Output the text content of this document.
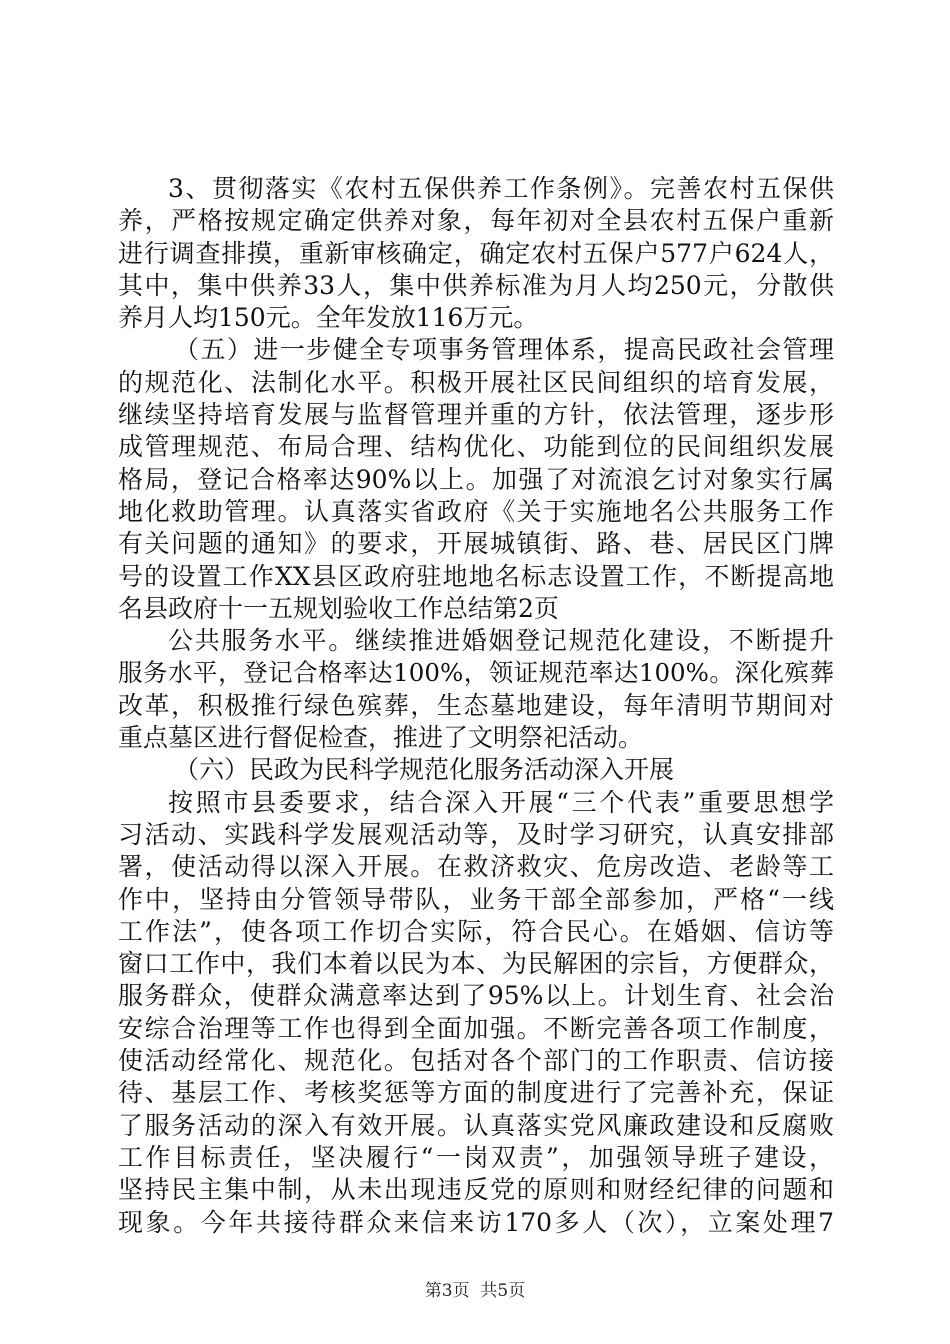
3、贯彻落实《农村五保供养工作条例》。完善农村五保供
养，严格按规定确定供养对象，每年初对全县农村五保户重新
进行调查排摸，重新审核确定，确定农村五保户577户624人，
其中，集中供养33人，集中供养标准为月人均250元，分散供
养月人均150元。全年发放116万元。
（五）进一步健全专项事务管理体系，提高民政社会管理
的规范化、法制化水平。积极开展社区民间组织的培育发展，
继续坚持培育发展与监督管理并重的方针，依法管理，逐步形
成管理规范、布局合理、结构优化、功能到位的民间组织发展
格局，登记合格率达90%以上。加强了对流浪乞讨对象实行属
地化救助管理。认真落实省政府《关于实施地名公共服务工作
有关问题的通知》的要求，开展城镇街、路、巷、居民区门牌
号的设置工作XX县区政府驻地地名标志设置工作，不断提高地
名县政府十一五规划验收工作总结第2页
公共服务水平。继续推进婚姻登记规范化建设，不断提升
服务水平，登记合格率达100%，领证规范率达100%。深化殡葬
改革，积极推行绿色殡葬，生态墓地建设，每年清明节期间对
重点墓区进行督促检查，推进了文明祭祀活动。
（六）民政为民科学规范化服务活动深入开展
按照市县委要求，结合深入开展“三个代表”重要思想学
习活动、实践科学发展观活动等，及时学习研究，认真安排部
署，使活动得以深入开展。在救济救灾、危房改造、老龄等工
作中，坚持由分管领导带队，业务干部全部参加，严格“一线
工作法”，使各项工作切合实际，符合民心。在婚姻、信访等
窗口工作中，我们本着以民为本、为民解困的宗旨，方便群众，
服务群众，使群众满意率达到了95%以上。计划生育、社会治
安综合治理等工作也得到全面加强。不断完善各项工作制度，
使活动经常化、规范化。包括对各个部门的工作职责、信访接
待、基层工作、考核奖惩等方面的制度进行了完善补充，保证
了服务活动的深入有效开展。认真落实党风廉政建设和反腐败
工作目标责任，坚决履行“一岗双责”，加强领导班子建设，
坚持民主集中制，从未出现违反党的原则和财经纪律的问题和
现象。今年共接待群众来信来访170多人（次），立案处理7
第3页  共5页
